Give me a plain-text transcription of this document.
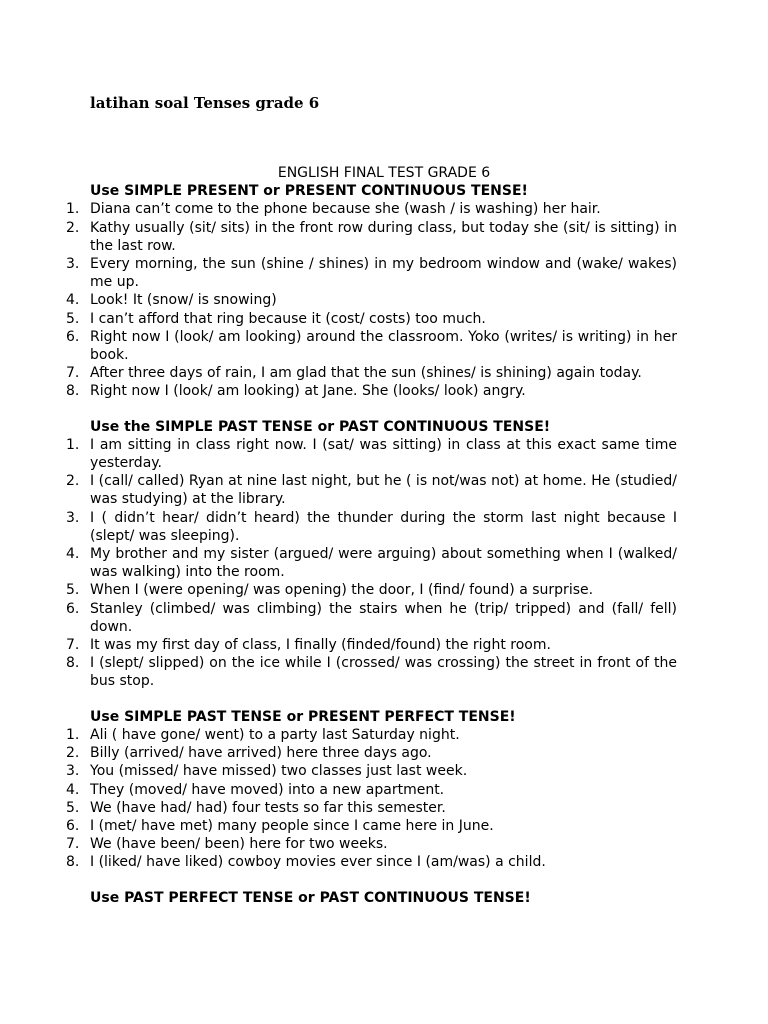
latihan soal Tenses grade 6
ENGLISH FINAL TEST GRADE 6
Use SIMPLE PRESENT or PRESENT CONTINUOUS TENSE!
1. Diana can’t come to the phone because she (wash / is washing) her hair.
2. Kathy usually (sit/ sits) in the front row during class, but today she (sit/ is sitting) in the last row.
3. Every morning, the sun (shine / shines) in my bedroom window and (wake/ wakes) me up.
4. Look! It (snow/ is snowing)
5. I can’t afford that ring because it (cost/ costs) too much.
6. Right now I (look/ am looking) around the classroom. Yoko (writes/ is writing) in her book.
7. After three days of rain, I am glad that the sun (shines/ is shining) again today.
8. Right now I (look/ am looking) at Jane. She (looks/ look) angry.
Use the SIMPLE PAST TENSE or PAST CONTINUOUS TENSE!
1. I am sitting in class right now. I (sat/ was sitting) in class at this exact same time yesterday.
2. I (call/ called) Ryan at nine last night, but he ( is not/was not) at home. He (studied/ was studying) at the library.
3. I ( didn’t hear/ didn’t heard) the thunder during the storm last night because I (slept/ was sleeping).
4. My brother and my sister (argued/ were arguing) about something when I (walked/ was walking) into the room.
5. When I (were opening/ was opening) the door, I (find/ found) a surprise.
6. Stanley (climbed/ was climbing) the stairs when he (trip/ tripped) and (fall/ fell) down.
7. It was my first day of class, I finally (finded/found) the right room.
8. I (slept/ slipped) on the ice while I (crossed/ was crossing) the street in front of the bus stop.
Use SIMPLE PAST TENSE or PRESENT PERFECT TENSE!
1. Ali ( have gone/ went) to a party last Saturday night.
2. Billy (arrived/ have arrived) here three days ago.
3. You (missed/ have missed) two classes just last week.
4. They (moved/ have moved) into a new apartment.
5. We (have had/ had) four tests so far this semester.
6. I (met/ have met) many people since I came here in June.
7. We (have been/ been) here for two weeks.
8. I (liked/ have liked) cowboy movies ever since I (am/was) a child.
Use PAST PERFECT TENSE or PAST CONTINUOUS TENSE!
